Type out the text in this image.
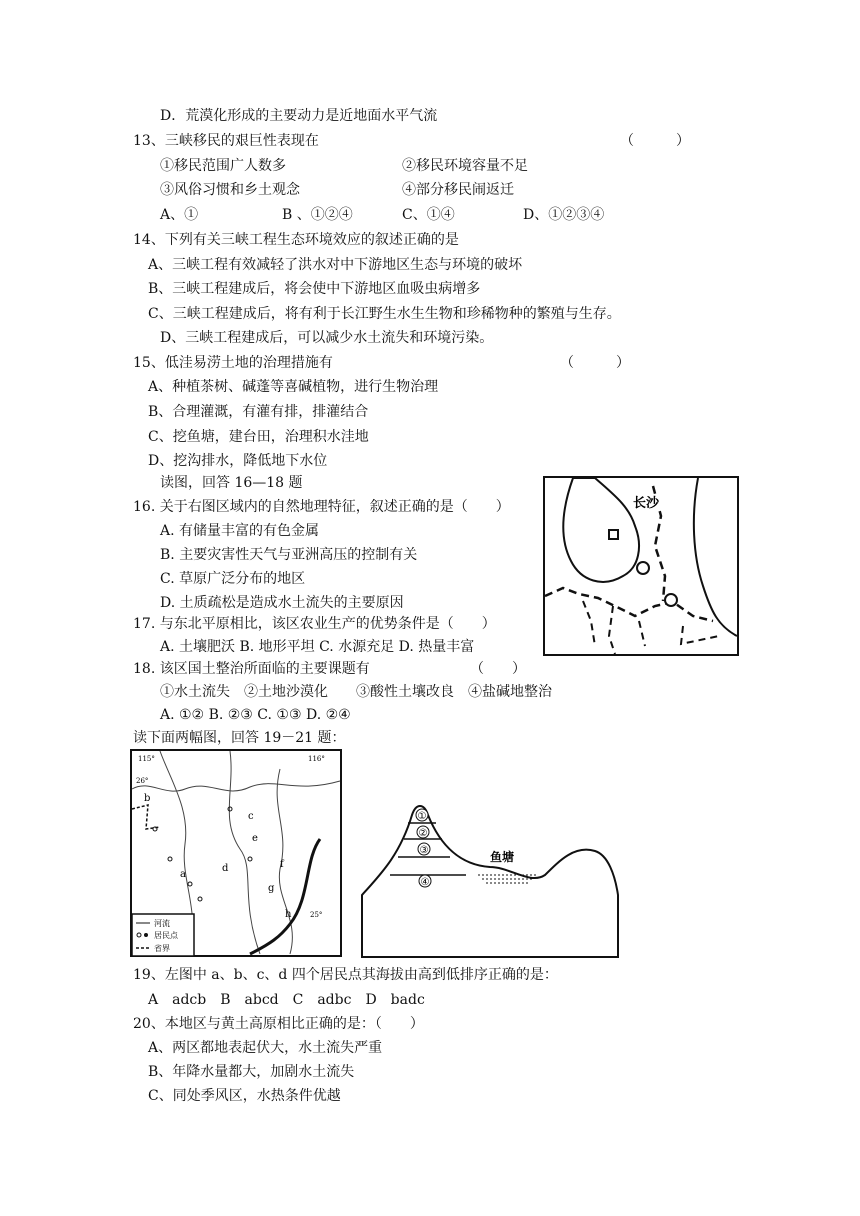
D．荒漠化形成的主要动力是近地面水平气流
13、三峡移民的艰巨性表现在	（　　　）
①移民范围广人数多	②移民环境容量不足
③风俗习惯和乡土观念	④部分移民闹返迁
A、①	B 、①②④	C、①④	D、①②③④
14、下列有关三峡工程生态环境效应的叙述正确的是
A、三峡工程有效减轻了洪水对中下游地区生态与环境的破坏
B、三峡工程建成后，将会使中下游地区血吸虫病增多
C、三峡工程建成后，将有利于长江野生水生生物和珍稀物种的繁殖与生存。
D、三峡工程建成后，可以减少水土流失和环境污染。
15、低洼易涝土地的治理措施有	（　　　）
A、种植茶树、碱蓬等喜碱植物，进行生物治理
B、合理灌溉，有灌有排，排灌结合
C、挖鱼塘，建台田，治理积水洼地
D、挖沟排水，降低地下水位
读图，回答 16—18 题
16. 关于右图区域内的自然地理特征，叙述正确的是（　　）
A. 有储量丰富的有色金属
B. 主要灾害性天气与亚洲高压的控制有关
C. 草原广泛分布的地区
D. 土质疏松是造成水土流失的主要原因
17. 与东北平原相比，该区农业生产的优势条件是（　　）
A. 土壤肥沃 B. 地形平坦 C. 水源充足 D. 热量丰富
18. 该区国土整治所面临的主要课题有	（　　）
①水土流失　②土地沙漠化　　③酸性土壤改良　④盐碱地整治
A. ①② B. ②③ C. ①③ D. ②④
读下面两幅图，回答 19－21 题：
长沙
115°	116°
26°
25°
a
b
c
d
e
f
g
h
河流
居民点
省界
①
②
③
④
鱼塘
19、左图中 a、b、c、d 四个居民点其海拔由高到低排序正确的是：
A　adcb　B　abcd　C　adbc　D　badc
20、本地区与黄土高原相比正确的是：（　　）
A、两区都地表起伏大，水土流失严重
B、年降水量都大，加剧水土流失
C、同处季风区，水热条件优越
